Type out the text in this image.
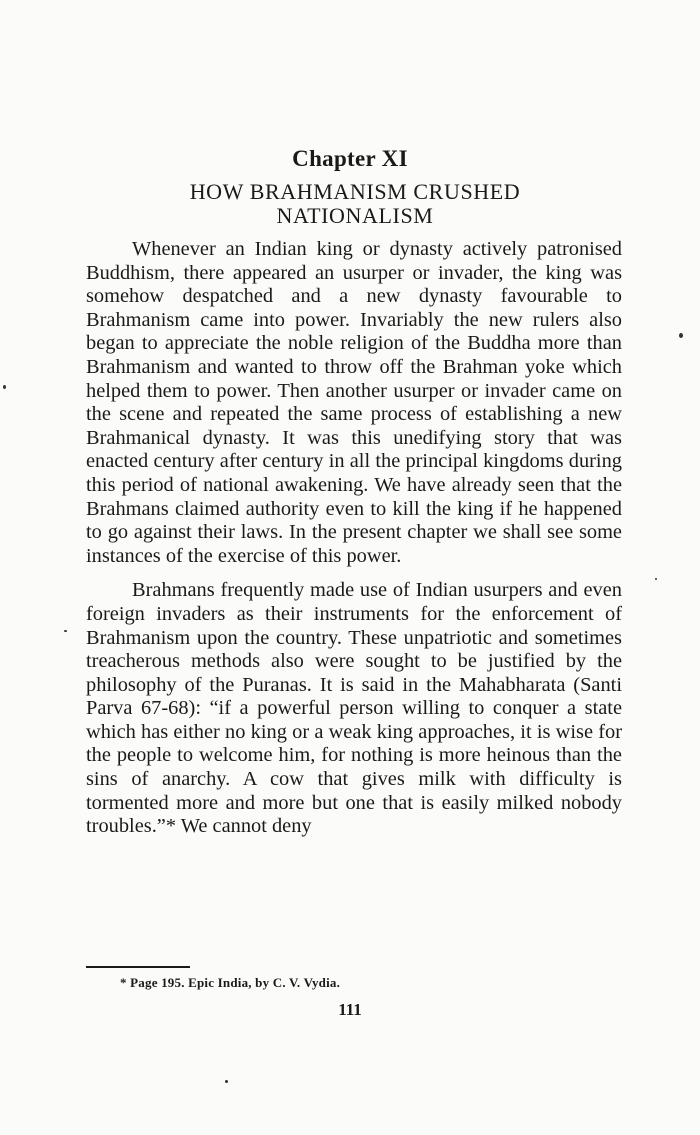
Chapter XI
HOW BRAHMANISM CRUSHED NATIONALISM

Whenever an Indian king or dynasty actively patronised Buddhism, there appeared an usurper or invader, the king was somehow despatched and a new dynasty favourable to Brahmanism came into power. Invariably the new rulers also began to appreciate the noble religion of the Buddha more than Brahmanism and wanted to throw off the Brahman yoke which helped them to power. Then another usurper or invader came on the scene and repeated the same process of establishing a new Brahmanical dynasty. It was this unedifying story that was enacted century after century in all the principal kingdoms during this period of national awakening. We have already seen that the Brahmans claimed authority even to kill the king if he happened to go against their laws. In the present chapter we shall see some instances of the exercise of this power.

Brahmans frequently made use of Indian usurpers and even foreign invaders as their instruments for the enforcement of Brahmanism upon the country. These unpatriotic and sometimes treacherous methods also were sought to be justified by the philosophy of the Puranas. It is said in the Mahabharata (Santi Parva 67-68): “if a powerful person willing to conquer a state which has either no king or a weak king approaches, it is wise for the people to welcome him, for nothing is more heinous than the sins of anarchy. A cow that gives milk with difficulty is tormented more and more but one that is easily milked nobody troubles.”* We cannot deny

* Page 195. Epic India, by C. V. Vydia.
111
